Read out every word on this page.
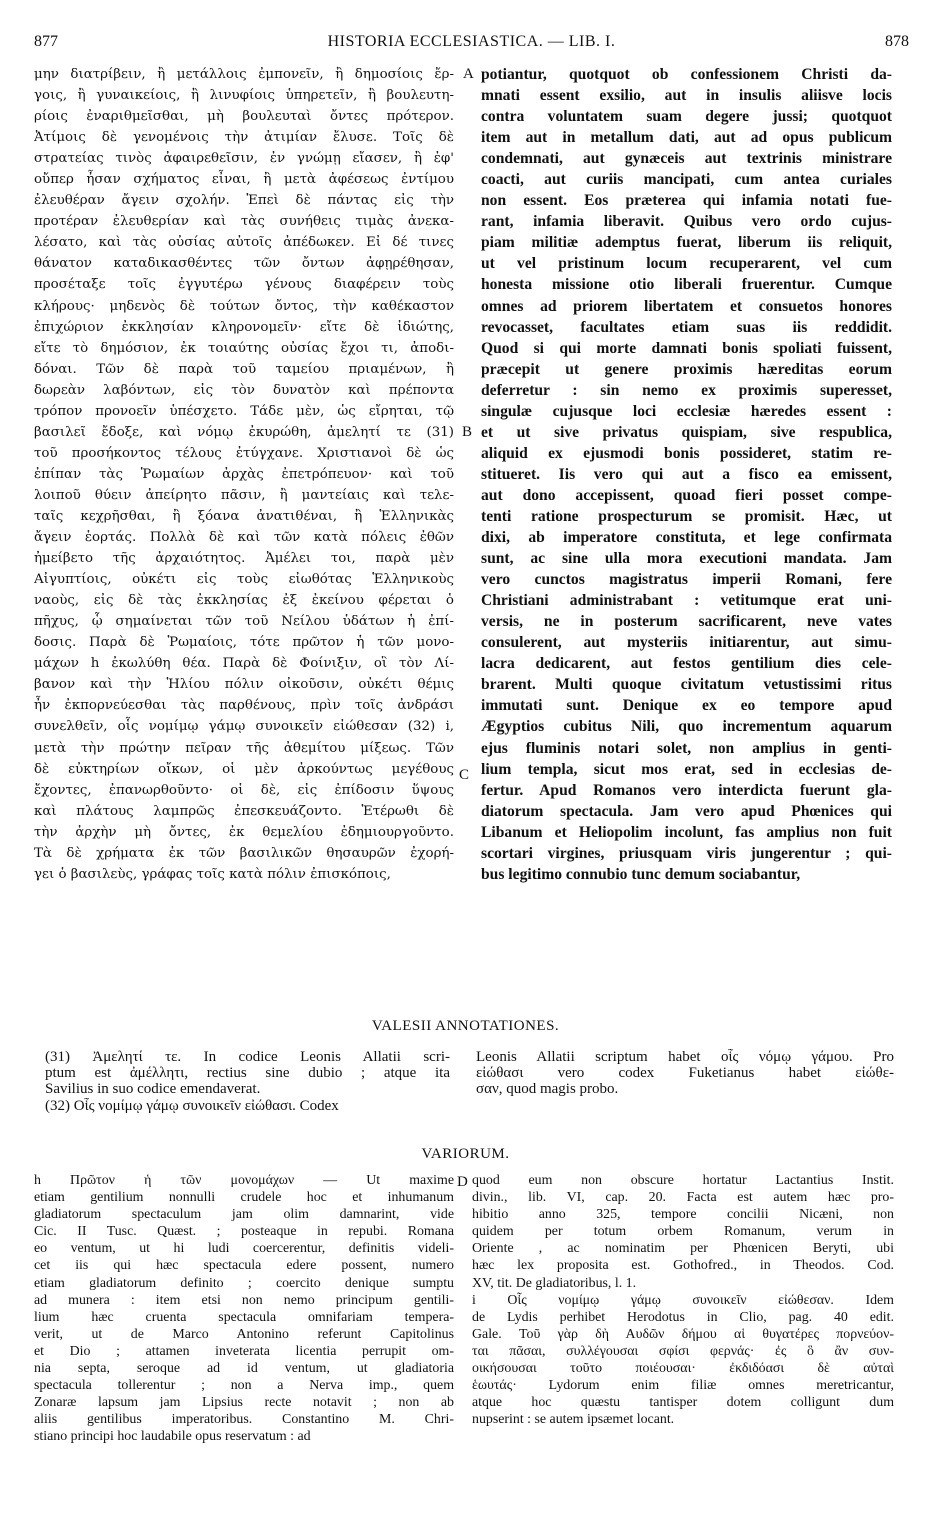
877	HISTORIA ECCLESIASTICA. — LIB. I.	878
μην διατρίβειν, ἢ μετάλλοις ἐμπονεῖν, ἢ δημοσίοις ἔρ-
γοις, ἢ γυναικείοις, ἢ λινυφίοις ὑπηρετεῖν, ἢ βουλευτη-
ρίοις ἐναριθμεῖσθαι, μὴ βουλευταὶ ὄντες πρότερον.
Ἀτίμοις δὲ γενομένοις τὴν ἀτιμίαν ἔλυσε. Τοῖς δὲ
στρατείας τινὸς ἀφαιρεθεῖσιν, ἐν γνώμῃ εἴασεν, ἢ ἐφ'
οὔπερ ἦσαν σχήματος εἶναι, ἢ μετὰ ἀφέσεως ἐντίμου
ἐλευθέραν ἄγειν σχολήν. Ἐπεὶ δὲ πάντας εἰς τὴν
προτέραν ἐλευθερίαν καὶ τὰς συνήθεις τιμὰς ἀνεκα-
λέσατο, καὶ τὰς οὐσίας αὐτοῖς ἀπέδωκεν. Εἰ δέ τινες
θάνατον καταδικασθέντες τῶν ὄντων ἀφῃρέθησαν,
προσέταξε τοῖς ἐγγυτέρω γένους διαφέρειν τοὺς
κλήρους· μηδενὸς δὲ τούτων ὄντος, τὴν καθέκαστον
ἐπιχώριον ἐκκλησίαν κληρονομεῖν· εἴτε δὲ ἰδιώτης,
εἴτε τὸ δημόσιον, ἐκ τοιαύτης οὐσίας ἔχοι τι, ἀποδι-
δόναι. Τῶν δὲ παρὰ τοῦ ταμείου πριαμένων, ἢ
δωρεὰν λαβόντων, εἰς τὸν δυνατὸν καὶ πρέποντα
τρόπον προνοεῖν ὑπέσχετο. Τάδε μὲν, ὡς εἴρηται, τῷ
βασιλεῖ ἔδοξε, καὶ νόμῳ ἐκυρώθη, ἀμελητί τε (31)
τοῦ προσήκοντος τέλους ἐτύγχανε. Χριστιανοὶ δὲ ὡς
ἐπίπαν τὰς Ῥωμαίων ἀρχὰς ἐπετρόπευον· καὶ τοῦ
λοιποῦ θύειν ἀπείρητο πᾶσιν, ἢ μαντείαις καὶ τελε-
ταῖς κεχρῆσθαι, ἢ ξόανα ἀνατιθέναι, ἢ Ἑλληνικὰς
ἄγειν ἑορτάς. Πολλὰ δὲ καὶ τῶν κατὰ πόλεις ἐθῶν
ἠμείβετο τῆς ἀρχαιότητος. Ἀμέλει τοι, παρὰ μὲν
Αἰγυπτίοις, οὐκέτι εἰς τοὺς εἰωθότας Ἑλληνικοὺς
ναοὺς, εἰς δὲ τὰς ἐκκλησίας ἐξ ἐκείνου φέρεται ὁ
πῆχυς, ᾧ σημαίνεται τῶν τοῦ Νείλου ὑδάτων ἡ ἐπί-
δοσις. Παρὰ δὲ Ῥωμαίοις, τότε πρῶτον ἡ τῶν μονο-
μάχων h ἐκωλύθη θέα. Παρὰ δὲ Φοίνιξιν, οἳ τὸν Λί-
βανον καὶ τὴν Ἡλίου πόλιν οἰκοῦσιν, οὐκέτι θέμις
ἦν ἐκπορνεύεσθαι τὰς παρθένους, πρὶν τοῖς ἀνδράσι
συνελθεῖν, οἷς νομίμῳ γάμῳ συνοικεῖν εἰώθεσαν (32) i,
μετὰ τὴν πρώτην πεῖραν τῆς ἀθεμίτου μίξεως. Τῶν
δὲ εὐκτηρίων οἴκων, οἱ μὲν ἀρκούντως μεγέθους
ἔχοντες, ἐπανωρθοῦντο· οἱ δὲ, εἰς ἐπίδοσιν ὕψους
καὶ πλάτους λαμπρῶς ἐπεσκευάζοντο. Ἑτέρωθι δὲ
τὴν ἀρχὴν μὴ ὄντες, ἐκ θεμελίου ἐδημιουργοῦντο.
Τὰ δὲ χρήματα ἐκ τῶν βασιλικῶν θησαυρῶν ἐχορή-
γει ὁ βασιλεὺς, γράφας τοῖς κατὰ πόλιν ἐπισκόποις,
potiantur, quotquot ob confessionem Christi da-
mnati essent exsilio, aut in insulis aliisve locis
contra voluntatem suam degere jussi; quotquot
item aut in metallum dati, aut ad opus publicum
condemnati, aut gynæceis aut textrinis ministrare
coacti, aut curiis mancipati, cum antea curiales
non essent. Eos præterea qui infamia notati fue-
rant, infamia liberavit. Quibus vero ordo cujus-
piam militiæ ademptus fuerat, liberum iis reliquit,
ut vel pristinum locum recuperarent, vel cum
honesta missione otio liberali fruerentur. Cumque
omnes ad priorem libertatem et consuetos honores
revocasset, facultates etiam suas iis reddidit.
Quod si qui morte damnati bonis spoliati fuissent,
præcepit ut genere proximis hæreditas eorum
deferretur : sin nemo ex proximis superesset,
singulæ cujusque loci ecclesiæ hæredes essent :
et ut sive privatus quispiam, sive respublica,
aliquid ex ejusmodi bonis possideret, statim re-
stitueret. Iis vero qui aut a fisco ea emissent,
aut dono accepissent, quoad fieri posset compe-
tenti ratione prospecturum se promisit. Hæc, ut
dixi, ab imperatore constituta, et lege confirmata
sunt, ac sine ulla mora executioni mandata. Jam
vero cunctos magistratus imperii Romani, fere
Christiani administrabant : vetitumque erat uni-
versis, ne in posterum sacrificarent, neve vates
consulerent, aut mysteriis initiarentur, aut simu-
lacra dedicarent, aut festos gentilium dies cele-
brarent. Multi quoque civitatum vetustissimi ritus
immutati sunt. Denique ex eo tempore apud
Ægyptios cubitus Nili, quo incrementum aquarum
ejus fluminis notari solet, non amplius in genti-
lium templa, sicut mos erat, sed in ecclesias de-
fertur. Apud Romanos vero interdicta fuerunt gla-
diatorum spectacula. Jam vero apud Phœnices qui
Libanum et Heliopolim incolunt, fas amplius non fuit
scortari virgines, priusquam viris jungerentur ; qui-
bus legitimo connubio tunc demum sociabantur,
A
B
C
D
VALESII ANNOTATIONES.
(31) Ἀμελητί τε. In codice Leonis Allatii scri-
ptum est ἀμέλλητι, rectius sine dubio ; atque ita
Savilius in suo codice emendaverat.
(32) Οἷς νομίμῳ γάμῳ συνοικεῖν εἰώθασι. Codex
Leonis Allatii scriptum habet οἷς νόμῳ γάμου. Pro
εἰώθασι vero codex Fuketianus habet εἰώθε-
σαν, quod magis probo.
VARIORUM.
h Πρῶτον ἡ τῶν μονομάχων — Ut maxime
etiam gentilium nonnulli crudele hoc et inhumanum
gladiatorum spectaculum jam olim damnarint, vide
Cic. II Tusc. Quæst. ; posteaque in repubi. Romana
eo ventum, ut hi ludi coercerentur, definitis videli-
cet iis qui hæc spectacula edere possent, numero
etiam gladiatorum definito ; coercito denique sumptu
ad munera : item etsi non nemo principum gentili-
lium hæc cruenta spectacula omnifariam tempera-
verit, ut de Marco Antonino referunt Capitolinus
et Dio ; attamen inveterata licentia perrupit om-
nia septa, seroque ad id ventum, ut gladiatoria
spectacula tollerentur ; non a Nerva imp., quem
Zonaræ lapsum jam Lipsius recte notavit ; non ab
aliis gentilibus imperatoribus. Constantino M. Chri-
stiano principi hoc laudabile opus reservatum : ad
quod eum non obscure hortatur Lactantius Instit.
divin., lib. VI, cap. 20. Facta est autem hæc pro-
hibitio anno 325, tempore concilii Nicæni, non
quidem per totum orbem Romanum, verum in
Oriente , ac nominatim per Phœnicen Beryti, ubi
hæc lex proposita est. Gothofred., in Theodos. Cod.
XV, tit. De gladiatoribus, l. 1.
i Οἷς νομίμῳ γάμῳ συνοικεῖν εἰώθεσαν. Idem
de Lydis perhibet Herodotus in Clio, pag. 40 edit.
Gale. Τοῦ γὰρ δὴ Αυδῶν δήμου αἱ θυγατέρες πορνεύον-
ται πᾶσαι, συλλέγουσαι σφίσι φερνάς· ἐς ὃ ἂν συν-
οικήσουσαι τοῦτο ποιέουσαι· ἐκδιδόασι δὲ αὐταὶ
ἑωυτάς· Lydorum enim filiæ omnes meretricantur,
atque hoc quæstu tantisper dotem colligunt dum
nupserint : se autem ipsæmet locant.
